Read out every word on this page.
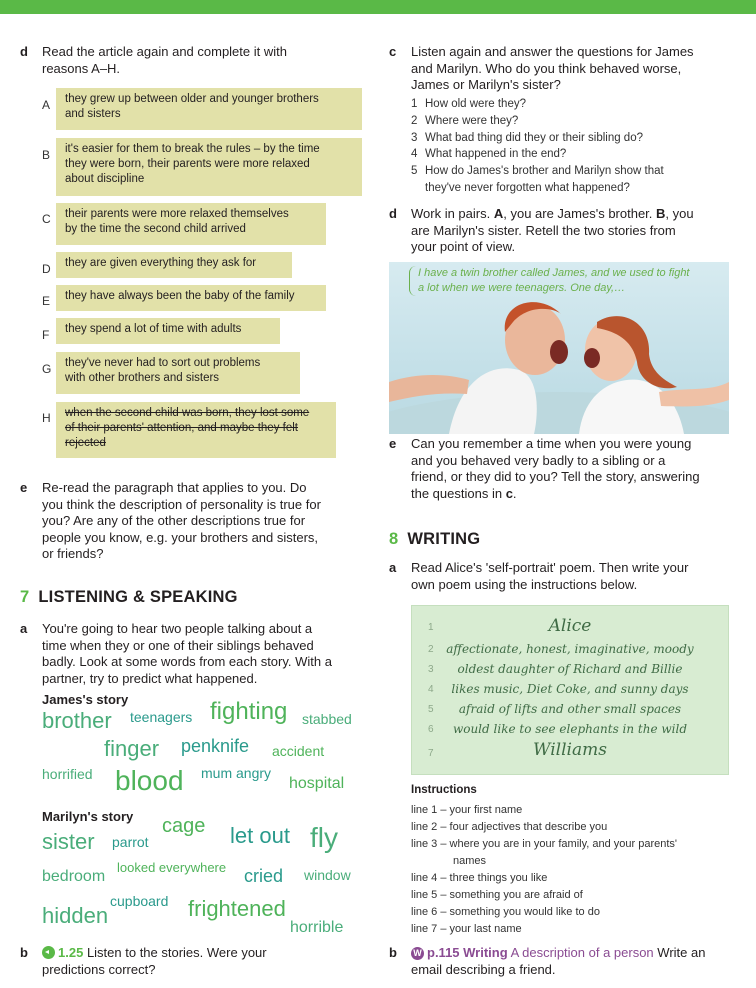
d Read the article again and complete it with
reasons A–H.
A they grew up between older and younger brothers
and sisters
B it's easier for them to break the rules – by the time
they were born, their parents were more relaxed
about discipline
C their parents were more relaxed themselves
by the time the second child arrived
D they are given everything they ask for
E they have always been the baby of the family
F they spend a lot of time with adults
G they've never had to sort out problems
with other brothers and sisters
H when the second child was born, they lost some
of their parents' attention, and maybe they felt
rejected
e Re-read the paragraph that applies to you. Do
you think the description of personality is true for
you? Are any of the other descriptions true for
people you know, e.g. your brothers and sisters,
or friends?
7 LISTENING & SPEAKING
a You're going to hear two people talking about a
time when they or one of their siblings behaved
badly. Look at some words from each story. With a
partner, try to predict what happened.
James's story
brother teenagers fighting stabbed
finger penknife accident
horrified blood mum angry
hospital
Marilyn's story
sister parrot
cage let out fly
looked everywhere
bedroom	cried window
cupboard
hidden	frightened
horrible
b	1.25 Listen to the stories. Were your
predictions correct?
c Listen again and answer the questions for James
and Marilyn. Who do you think behaved worse,
James or Marilyn's sister?
1 How old were they?
2 Where were they?
3 What bad thing did they or their sibling do?
4 What happened in the end?
5 How do James's brother and Marilyn show that
they've never forgotten what happened?
d Work in pairs. A, you are James's brother. B, you
are Marilyn's sister. Retell the two stories from
your point of view.
I have a twin brother called James, and we used to fight
a lot when we were teenagers. One day,…
e Can you remember a time when you were young
and you behaved very badly to a sibling or a
friend, or they did to you? Tell the story, answering
the questions in c.
8 WRITING
a Read Alice's 'self-portrait' poem. Then write your
own poem using the instructions below.
1	Alice
2	affectionate, honest, imaginative, moody
3	oldest daughter of Richard and Billie
4	likes music, Diet Coke, and sunny days
5	afraid of lifts and other small spaces
6	would like to see elephants in the wild
7	Williams
Instructions
line 1 – your first name
line 2 – four adjectives that describe you
line 3 – where you are in your family, and your parents'
names
line 4 – three things you like
line 5 – something you are afraid of
line 6 – something you would like to do
line 7 – your last name
b W p.115 Writing A description of a person Write an
email describing a friend.
